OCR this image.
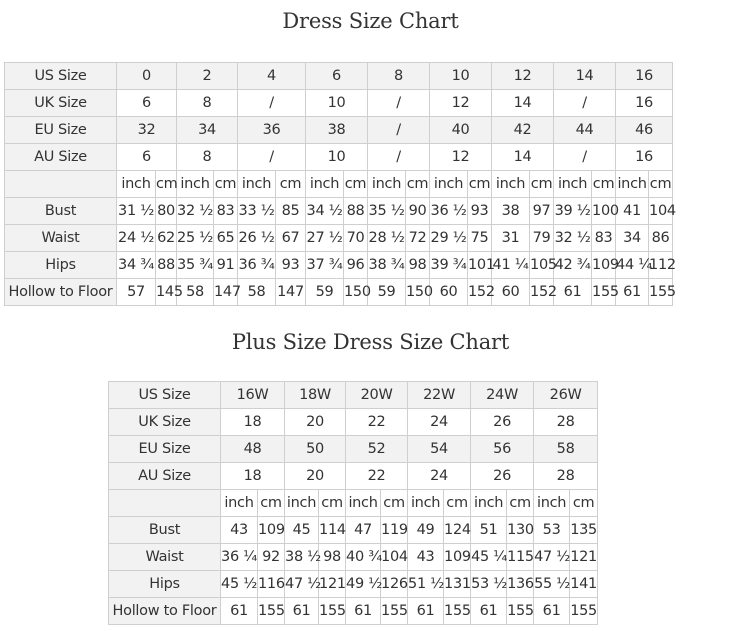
Dress Size Chart
US Size	0		2		4		6		8		10		12		14		16	
UK Size	6		8		/		10		/		12		14		/		16	
EU Size	32		34		36		38		/		40		42		44		46	
AU Size	6		8		/		10		/		12		14		/		16	
	inch	cm	inch	cm	inch	cm	inch	cm	inch	cm	inch	cm	inch	cm	inch	cm	inch	cm
Bust	31 ½	80	32 ½	83	33 ½	85	34 ½	88	35 ½	90	36 ½	93	38	97	39 ½	100	41	104
Waist	24 ½	62	25 ½	65	26 ½	67	27 ½	70	28 ½	72	29 ½	75	31	79	32 ½	83	34	86
Hips	34 ¾	88	35 ¾	91	36 ¾	93	37 ¾	96	38 ¾	98	39 ¾	101	41 ¼	105	42 ¾	109	44 ¼	112
Hollow to Floor	57	145	58	147	58	147	59	150	59	150	60	152	60	152	61	155	61	155
Plus Size Dress Size Chart
US Size	16W		18W		20W		22W		24W		26W	
UK Size	18		20		22		24		26		28	
EU Size	48		50		52		54		56		58	
AU Size	18		20		22		24		26		28	
	inch	cm	inch	cm	inch	cm	inch	cm	inch	cm	inch	cm
Bust	43	109	45	114	47	119	49	124	51	130	53	135
Waist	36 ¼	92	38 ½	98	40 ¾	104	43	109	45 ¼	115	47 ½	121
Hips	45 ½	116	47 ½	121	49 ½	126	51 ½	131	53 ½	136	55 ½	141
Hollow to Floor	61	155	61	155	61	155	61	155	61	155	61	155
